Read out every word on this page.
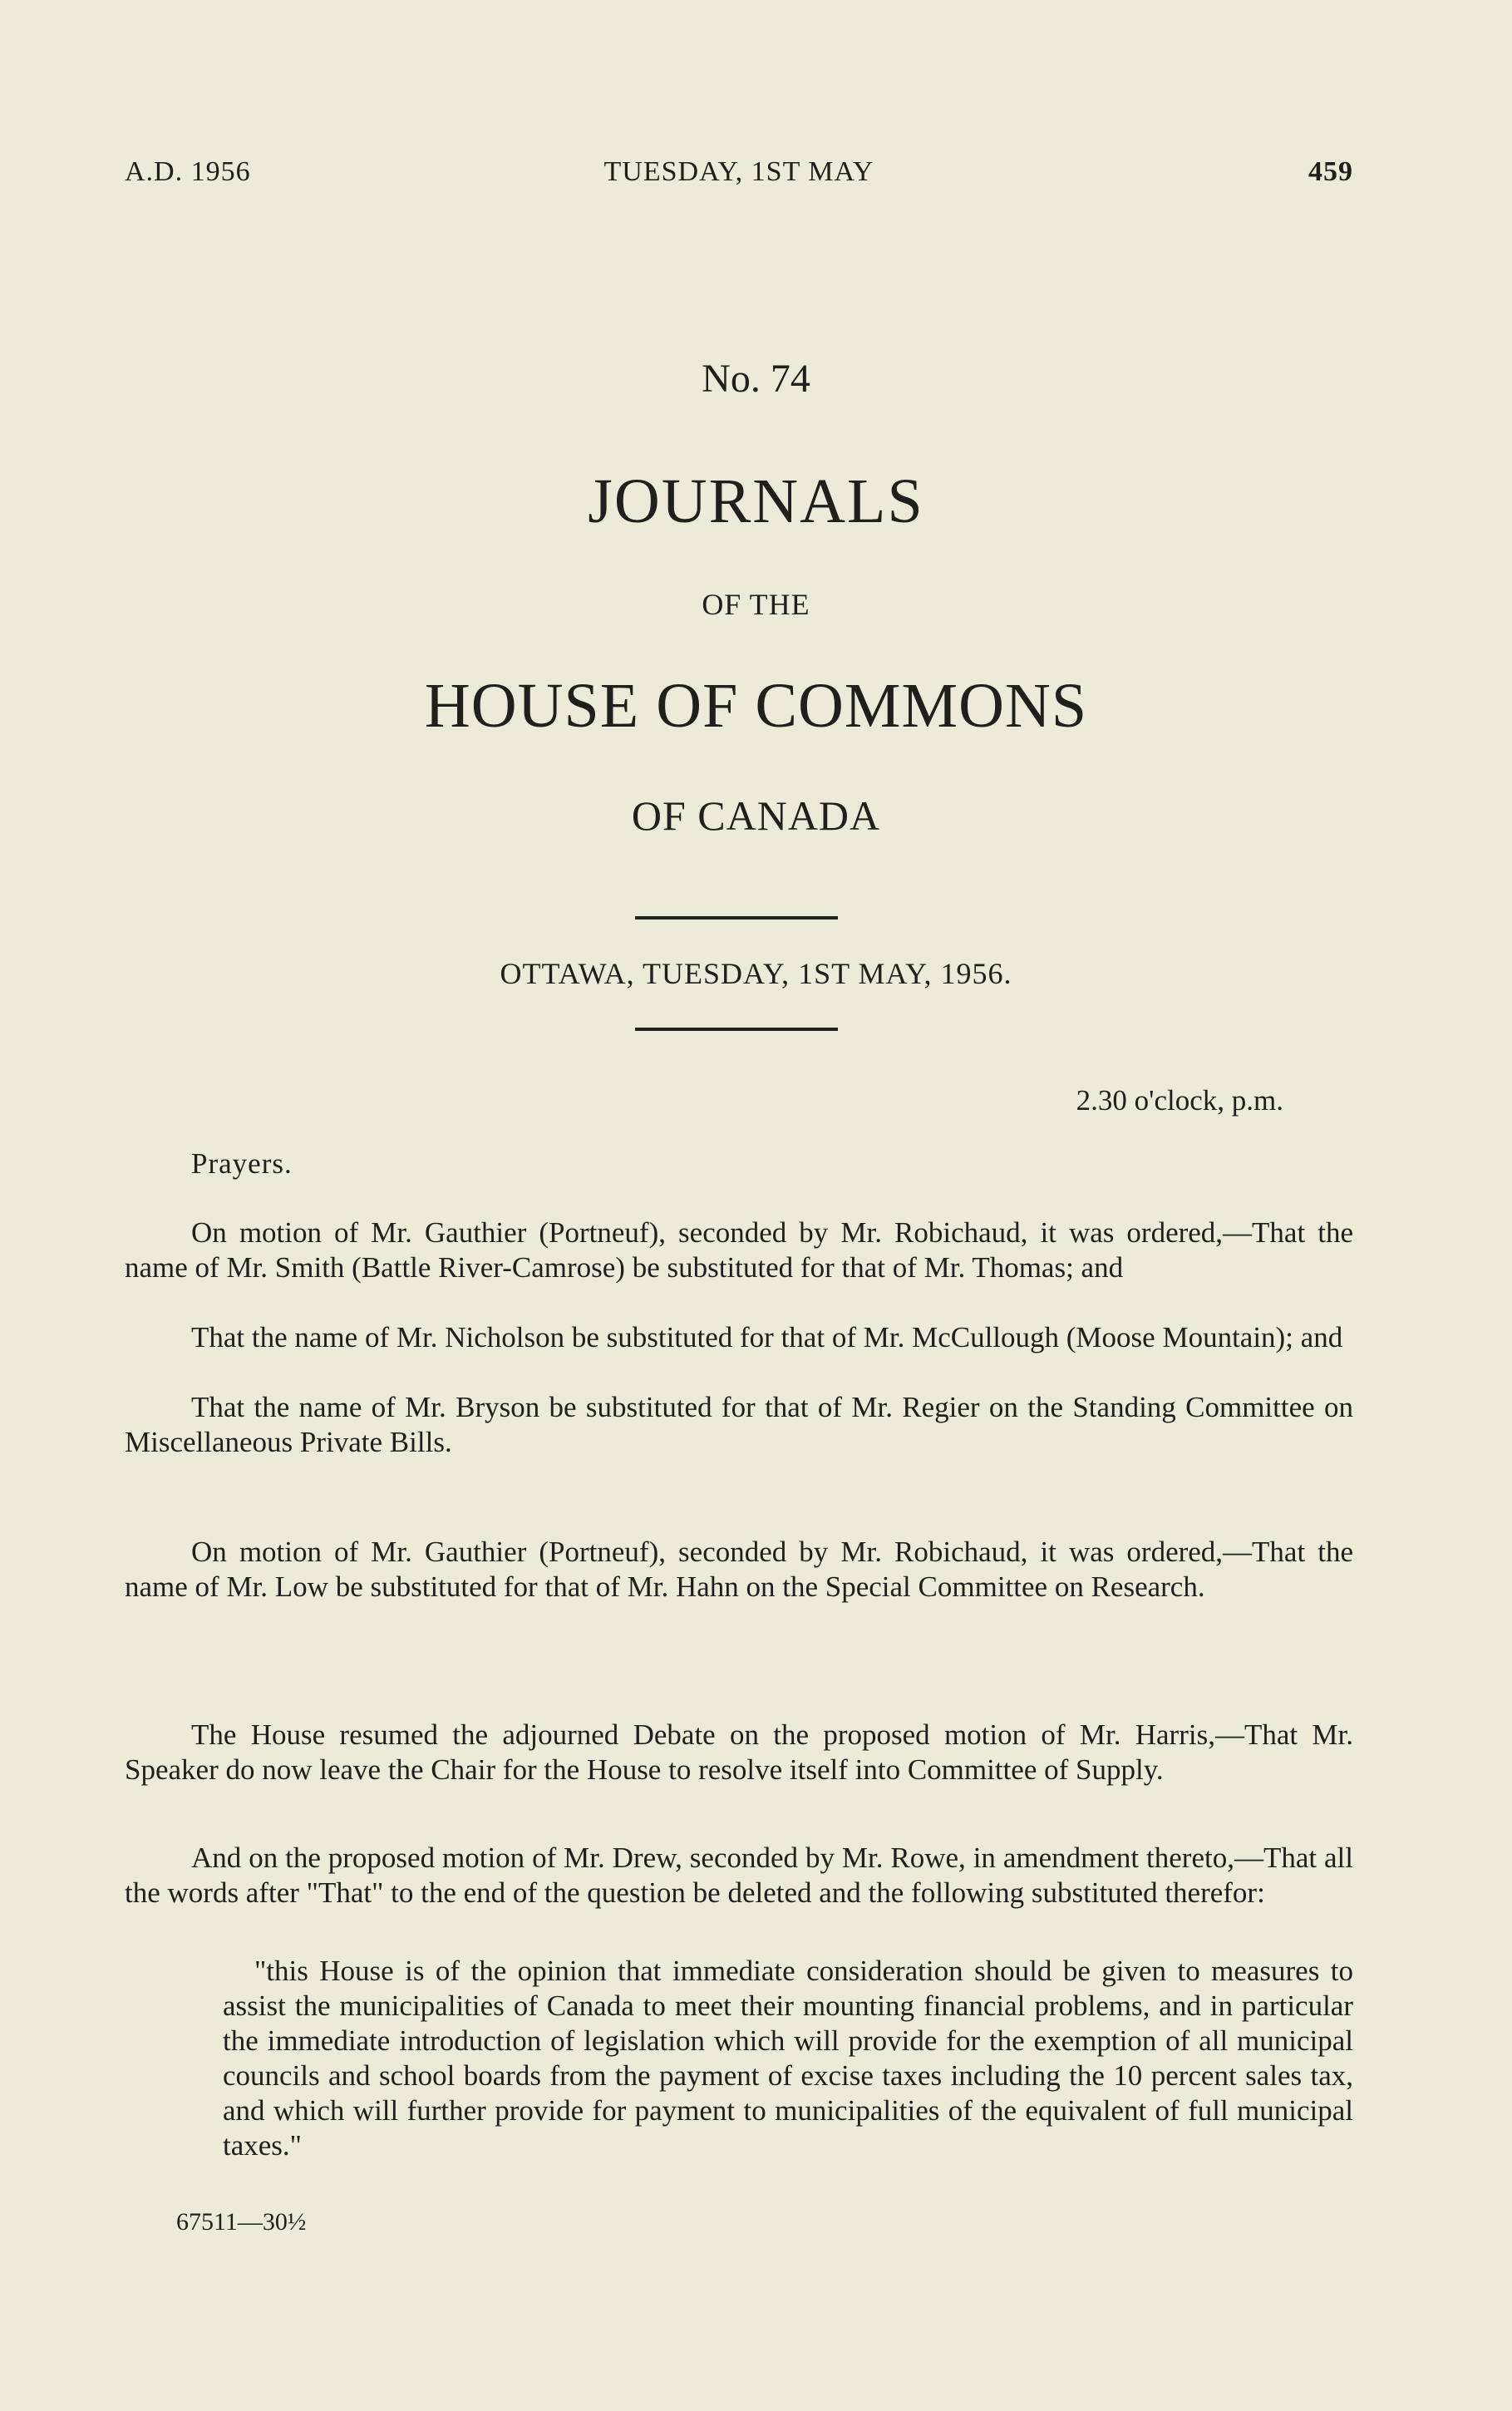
A.D. 1956	TUESDAY, 1ST MAY	459
No. 74
JOURNALS
OF THE
HOUSE OF COMMONS
OF CANADA
OTTAWA, TUESDAY, 1ST MAY, 1956.
2.30 o'clock, p.m.
Prayers.
On motion of Mr. Gauthier (Portneuf), seconded by Mr. Robichaud, it was ordered,—That the name of Mr. Smith (Battle River-Camrose) be substituted for that of Mr. Thomas; and
That the name of Mr. Nicholson be substituted for that of Mr. McCullough (Moose Mountain); and
That the name of Mr. Bryson be substituted for that of Mr. Regier on the Standing Committee on Miscellaneous Private Bills.
On motion of Mr. Gauthier (Portneuf), seconded by Mr. Robichaud, it was ordered,—That the name of Mr. Low be substituted for that of Mr. Hahn on the Special Committee on Research.
The House resumed the adjourned Debate on the proposed motion of Mr. Harris,—That Mr. Speaker do now leave the Chair for the House to resolve itself into Committee of Supply.
And on the proposed motion of Mr. Drew, seconded by Mr. Rowe, in amendment thereto,—That all the words after "That" to the end of the question be deleted and the following substituted therefor:
"this House is of the opinion that immediate consideration should be given to measures to assist the municipalities of Canada to meet their mounting financial problems, and in particular the immediate introduction of legislation which will provide for the exemption of all municipal councils and school boards from the payment of excise taxes including the 10 percent sales tax, and which will further provide for payment to municipalities of the equivalent of full municipal taxes."
67511—30½
